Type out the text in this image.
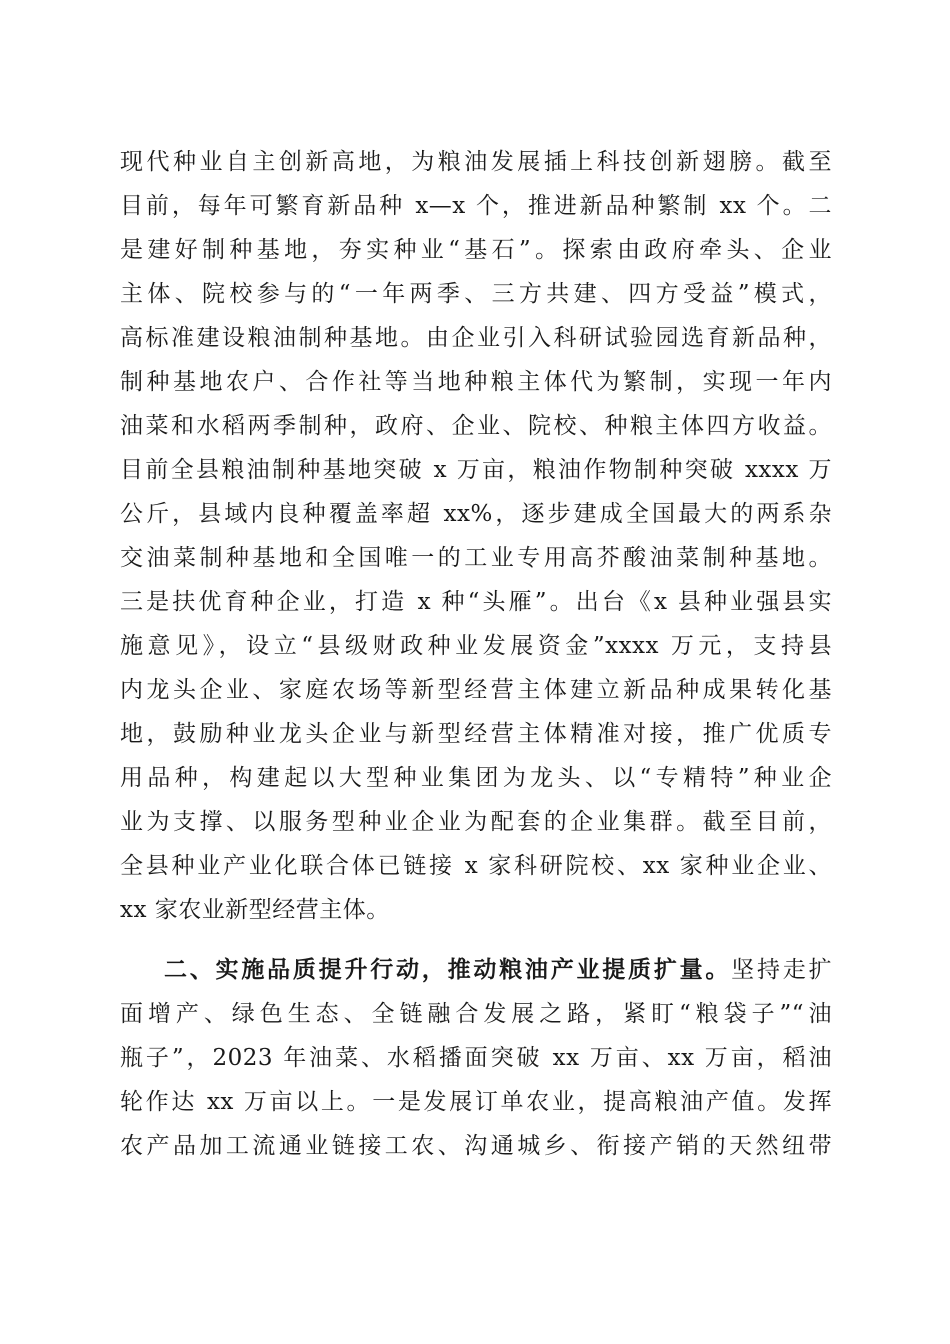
现代种业自主创新高地，为粮油发展插上科技创新翅膀。截至
目前，每年可繁育新品种 x—x 个，推进新品种繁制 xx 个。二
是建好制种基地，夯实种业“基石”。探索由政府牵头、企业
主体、院校参与的“一年两季、三方共建、四方受益”模式，
高标准建设粮油制种基地。由企业引入科研试验园选育新品种，
制种基地农户、合作社等当地种粮主体代为繁制，实现一年内
油菜和水稻两季制种，政府、企业、院校、种粮主体四方收益。
目前全县粮油制种基地突破 x 万亩，粮油作物制种突破 xxxx 万
公斤，县域内良种覆盖率超 xx%，逐步建成全国最大的两系杂
交油菜制种基地和全国唯一的工业专用高芥酸油菜制种基地。
三是扶优育种企业，打造 x 种“头雁”。出台《x 县种业强县实
施意见》，设立“县级财政种业发展资金”xxxx 万元，支持县
内龙头企业、家庭农场等新型经营主体建立新品种成果转化基
地，鼓励种业龙头企业与新型经营主体精准对接，推广优质专
用品种，构建起以大型种业集团为龙头、以“专精特”种业企
业为支撑、以服务型种业企业为配套的企业集群。截至目前，
全县种业产业化联合体已链接 x 家科研院校、xx 家种业企业、
xx 家农业新型经营主体。
二、实施品质提升行动，推动粮油产业提质扩量。坚持走扩
面增产、绿色生态、全链融合发展之路，紧盯“粮袋子”“油
瓶子”，2023 年油菜、水稻播面突破 xx 万亩、xx 万亩，稻油
轮作达 xx 万亩以上。一是发展订单农业，提高粮油产值。发挥
农产品加工流通业链接工农、沟通城乡、衔接产销的天然纽带
